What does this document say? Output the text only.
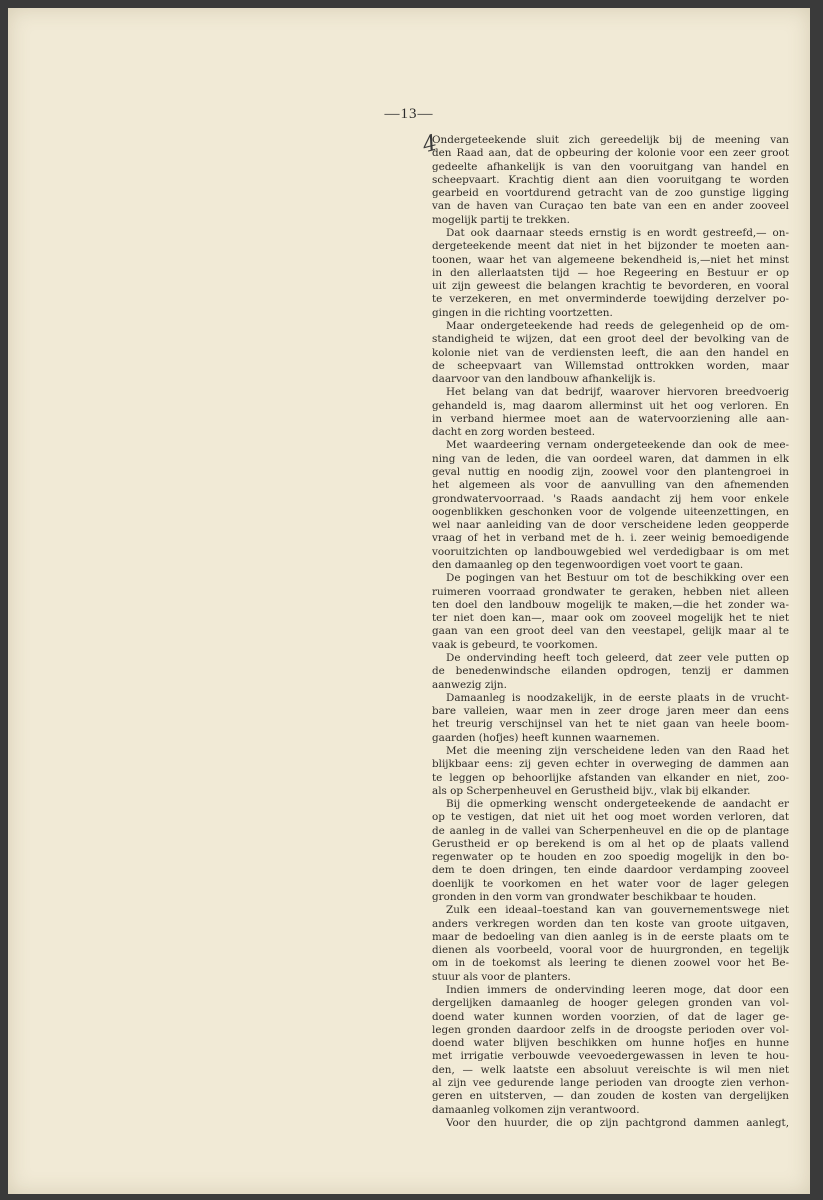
—13—
4
Ondergeteekende sluit zich gereedelijk bij de meening van
den Raad aan, dat de opbeuring der kolonie voor een zeer groot
gedeelte afhankelijk is van den vooruitgang van handel en
scheepvaart. Krachtig dient aan dien vooruitgang te worden
gearbeid en voortdurend getracht van de zoo gunstige ligging
van de haven van Curaçao ten bate van een en ander zooveel
mogelijk partij te trekken.
Dat ook daarnaar steeds ernstig is en wordt gestreefd,— on-
dergeteekende meent dat niet in het bijzonder te moeten aan-
toonen, waar het van algemeene bekendheid is,—niet het minst
in den allerlaatsten tijd — hoe Regeering en Bestuur er op
uit zijn geweest die belangen krachtig te bevorderen, en vooral
te verzekeren, en met onverminderde toewijding derzelver po-
gingen in die richting voortzetten.
Maar ondergeteekende had reeds de gelegenheid op de om-
standigheid te wijzen, dat een groot deel der bevolking van de
kolonie niet van de verdiensten leeft, die aan den handel en
de scheepvaart van Willemstad onttrokken worden, maar
daarvoor van den landbouw afhankelijk is.
Het belang van dat bedrijf, waarover hiervoren breedvoerig
gehandeld is, mag daarom allerminst uit het oog verloren. En
in verband hiermee moet aan de watervoorziening alle aan-
dacht en zorg worden besteed.
Met waardeering vernam ondergeteekende dan ook de mee-
ning van de leden, die van oordeel waren, dat dammen in elk
geval nuttig en noodig zijn, zoowel voor den plantengroei in
het algemeen als voor de aanvulling van den afnemenden
grondwatervoorraad. 's Raads aandacht zij hem voor enkele
oogenblikken geschonken voor de volgende uiteenzettingen, en
wel naar aanleiding van de door verscheidene leden geopperde
vraag of het in verband met de h. i. zeer weinig bemoedigende
vooruitzichten op landbouwgebied wel verdedigbaar is om met
den damaanleg op den tegenwoordigen voet voort te gaan.
De pogingen van het Bestuur om tot de beschikking over een
ruimeren voorraad grondwater te geraken, hebben niet alleen
ten doel den landbouw mogelijk te maken,—die het zonder wa-
ter niet doen kan—, maar ook om zooveel mogelijk het te niet
gaan van een groot deel van den veestapel, gelijk maar al te
vaak is gebeurd, te voorkomen.
De ondervinding heeft toch geleerd, dat zeer vele putten op
de benedenwindsche eilanden opdrogen, tenzij er dammen
aanwezig zijn.
Damaanleg is noodzakelijk, in de eerste plaats in de vrucht-
bare valleien, waar men in zeer droge jaren meer dan eens
het treurig verschijnsel van het te niet gaan van heele boom-
gaarden (hofjes) heeft kunnen waarnemen.
Met die meening zijn verscheidene leden van den Raad het
blijkbaar eens: zij geven echter in overweging de dammen aan
te leggen op behoorlijke afstanden van elkander en niet, zoo-
als op Scherpenheuvel en Gerustheid bijv., vlak bij elkander.
Bij die opmerking wenscht ondergeteekende de aandacht er
op te vestigen, dat niet uit het oog moet worden verloren, dat
de aanleg in de vallei van Scherpenheuvel en die op de plantage
Gerustheid er op berekend is om al het op de plaats vallend
regenwater op te houden en zoo spoedig mogelijk in den bo-
dem te doen dringen, ten einde daardoor verdamping zooveel
doenlijk te voorkomen en het water voor de lager gelegen
gronden in den vorm van grondwater beschikbaar te houden.
Zulk een ideaal–toestand kan van gouvernementswege niet
anders verkregen worden dan ten koste van groote uitgaven,
maar de bedoeling van dien aanleg is in de eerste plaats om te
dienen als voorbeeld, vooral voor de huurgronden, en tegelijk
om in de toekomst als leering te dienen zoowel voor het Be-
stuur als voor de planters.
Indien immers de ondervinding leeren moge, dat door een
dergelijken damaanleg de hooger gelegen gronden van vol-
doend water kunnen worden voorzien, of dat de lager ge-
legen gronden daardoor zelfs in de droogste perioden over vol-
doend water blijven beschikken om hunne hofjes en hunne
met irrigatie verbouwde veevoedergewassen in leven te hou-
den, — welk laatste een absoluut vereischte is wil men niet
al zijn vee gedurende lange perioden van droogte zien verhon-
geren en uitsterven, — dan zouden de kosten van dergelijken
damaanleg volkomen zijn verantwoord.
Voor den huurder, die op zijn pachtgrond dammen aanlegt,
